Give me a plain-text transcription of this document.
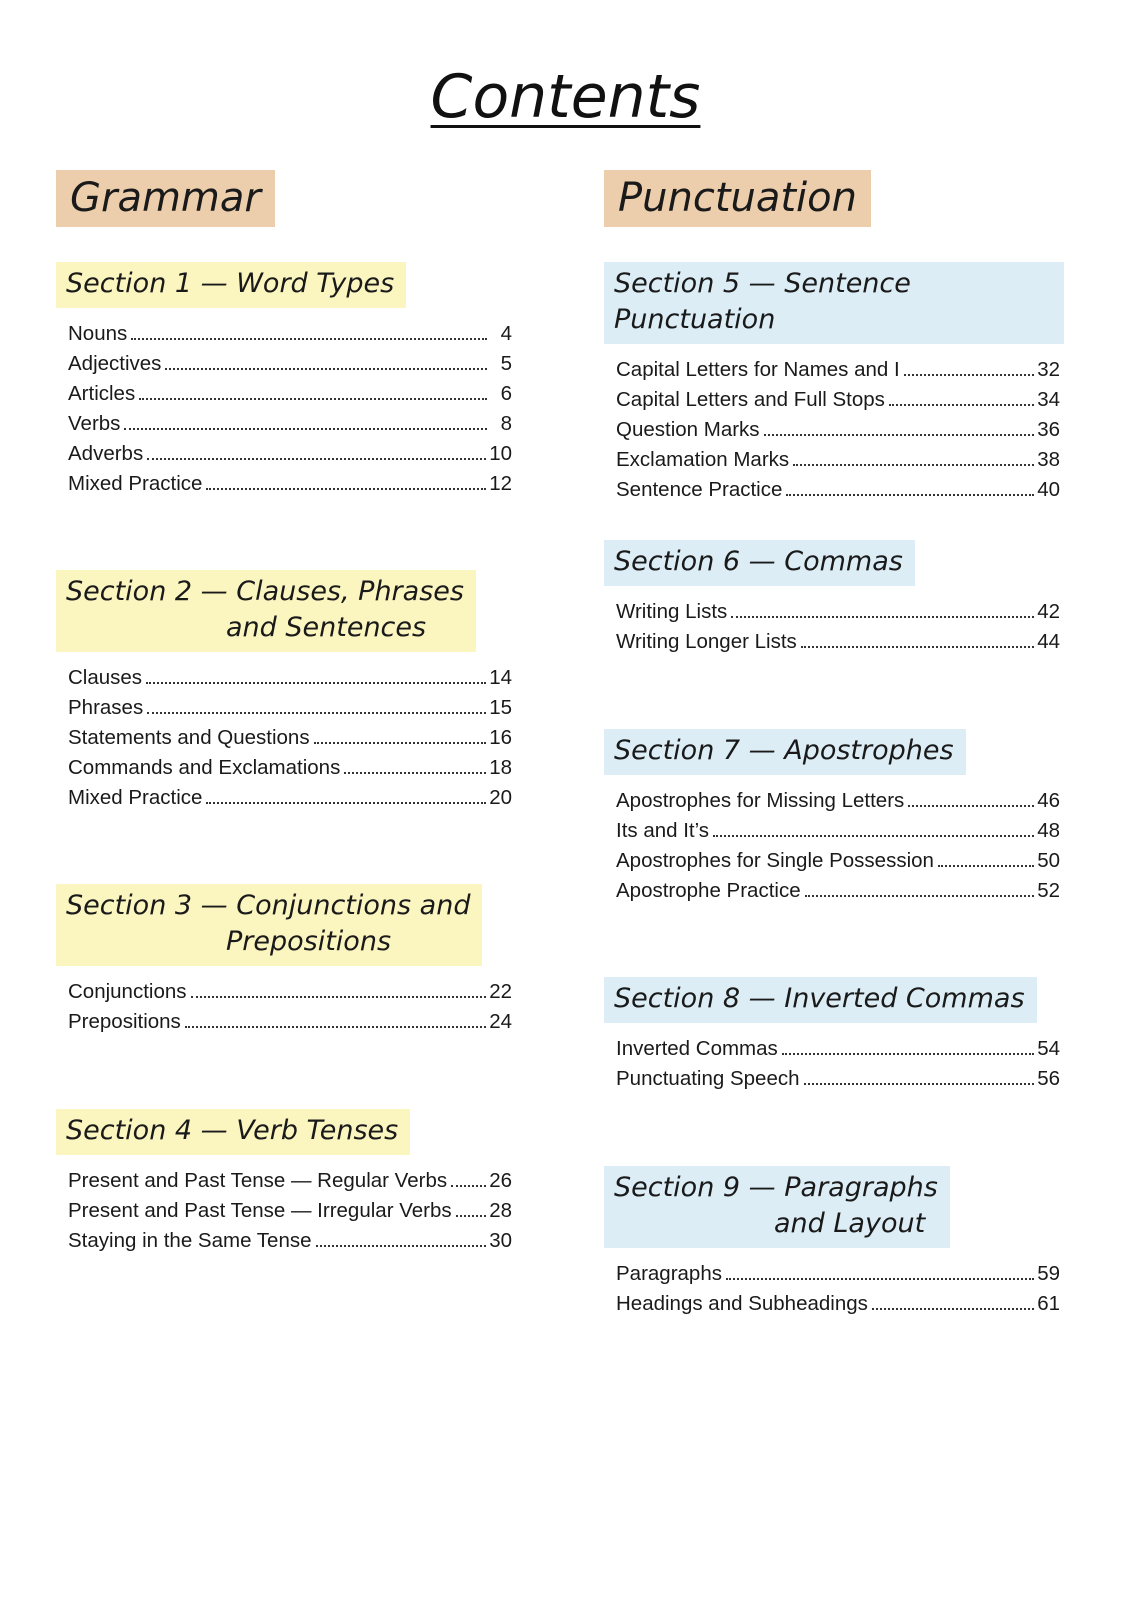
Contents
Grammar
Section 1 — Word Types
Nouns	4
Adjectives	5
Articles	6
Verbs	8
Adverbs	10
Mixed Practice	12
Section 2 — Clauses, Phrases
and Sentences
Clauses	14
Phrases	15
Statements and Questions	16
Commands and Exclamations	18
Mixed Practice	20
Section 3 — Conjunctions and
Prepositions
Conjunctions	22
Prepositions	24
Section 4 — Verb Tenses
Present and Past Tense — Regular Verbs 26
Present and Past Tense — Irregular Verbs 28
Staying in the Same Tense	30
Punctuation
Section 5 — Sentence Punctuation
Capital Letters for Names and I	32
Capital Letters and Full Stops	34
Question Marks	36
Exclamation Marks	38
Sentence Practice	40
Section 6 — Commas
Writing Lists	42
Writing Longer Lists	44
Section 7 — Apostrophes
Apostrophes for Missing Letters	46
Its and It’s	48
Apostrophes for Single Possession	50
Apostrophe Practice	52
Section 8 — Inverted Commas
Inverted Commas	54
Punctuating Speech	56
Section 9 — Paragraphs
and Layout
Paragraphs	59
Headings and Subheadings	61
